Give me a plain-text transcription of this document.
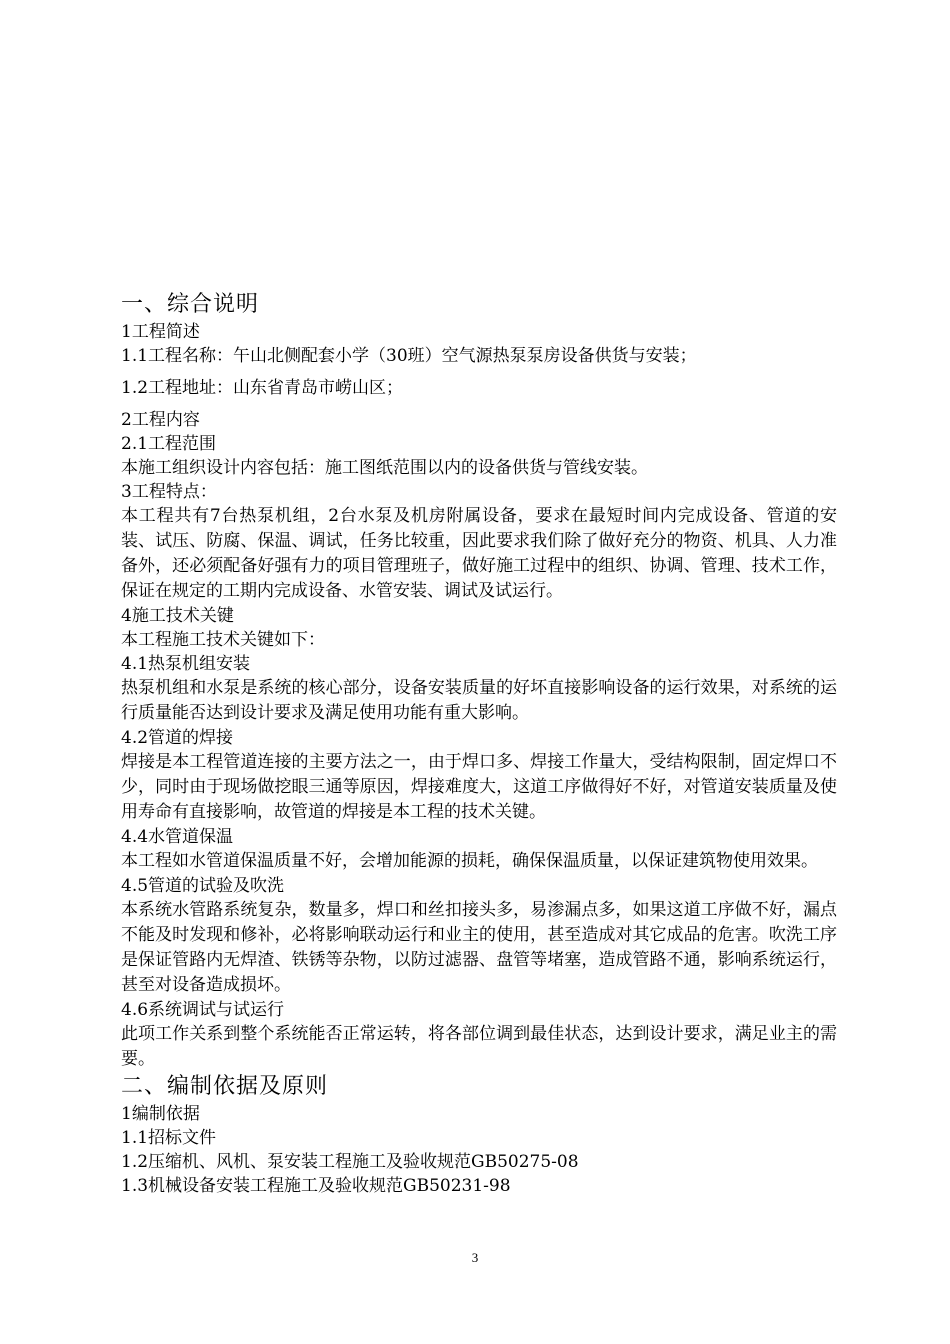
一、综合说明

1工程简述

1.1工程名称：午山北侧配套小学（30班）空气源热泵泵房设备供货与安装；

1.2工程地址：山东省青岛市崂山区；

2工程内容

2.1工程范围

本施工组织设计内容包括：施工图纸范围以内的设备供货与管线安装。

3工程特点：

本工程共有7台热泵机组，2台水泵及机房附属设备，要求在最短时间内完成设备、管道的安装、试压、防腐、保温、调试，任务比较重，因此要求我们除了做好充分的物资、机具、人力准备外，还必须配备好强有力的项目管理班子，做好施工过程中的组织、协调、管理、技术工作，保证在规定的工期内完成设备、水管安装、调试及试运行。

4施工技术关键

本工程施工技术关键如下：

4.1热泵机组安装

热泵机组和水泵是系统的核心部分，设备安装质量的好坏直接影响设备的运行效果，对系统的运行质量能否达到设计要求及满足使用功能有重大影响。

4.2管道的焊接

焊接是本工程管道连接的主要方法之一，由于焊口多、焊接工作量大，受结构限制，固定焊口不少，同时由于现场做挖眼三通等原因，焊接难度大，这道工序做得好不好，对管道安装质量及使用寿命有直接影响，故管道的焊接是本工程的技术关键。

4.4水管道保温

本工程如水管道保温质量不好，会增加能源的损耗，确保保温质量，以保证建筑物使用效果。

4.5管道的试验及吹洗

本系统水管路系统复杂，数量多，焊口和丝扣接头多，易渗漏点多，如果这道工序做不好，漏点不能及时发现和修补，必将影响联动运行和业主的使用，甚至造成对其它成品的危害。吹洗工序是保证管路内无焊渣、铁锈等杂物，以防过滤器、盘管等堵塞，造成管路不通，影响系统运行，甚至对设备造成损坏。

4.6系统调试与试运行

此项工作关系到整个系统能否正常运转，将各部位调到最佳状态，达到设计要求，满足业主的需要。

二、编制依据及原则

1编制依据

1.1招标文件

1.2压缩机、风机、泵安装工程施工及验收规范GB50275-08

1.3机械设备安装工程施工及验收规范GB50231-98

3
